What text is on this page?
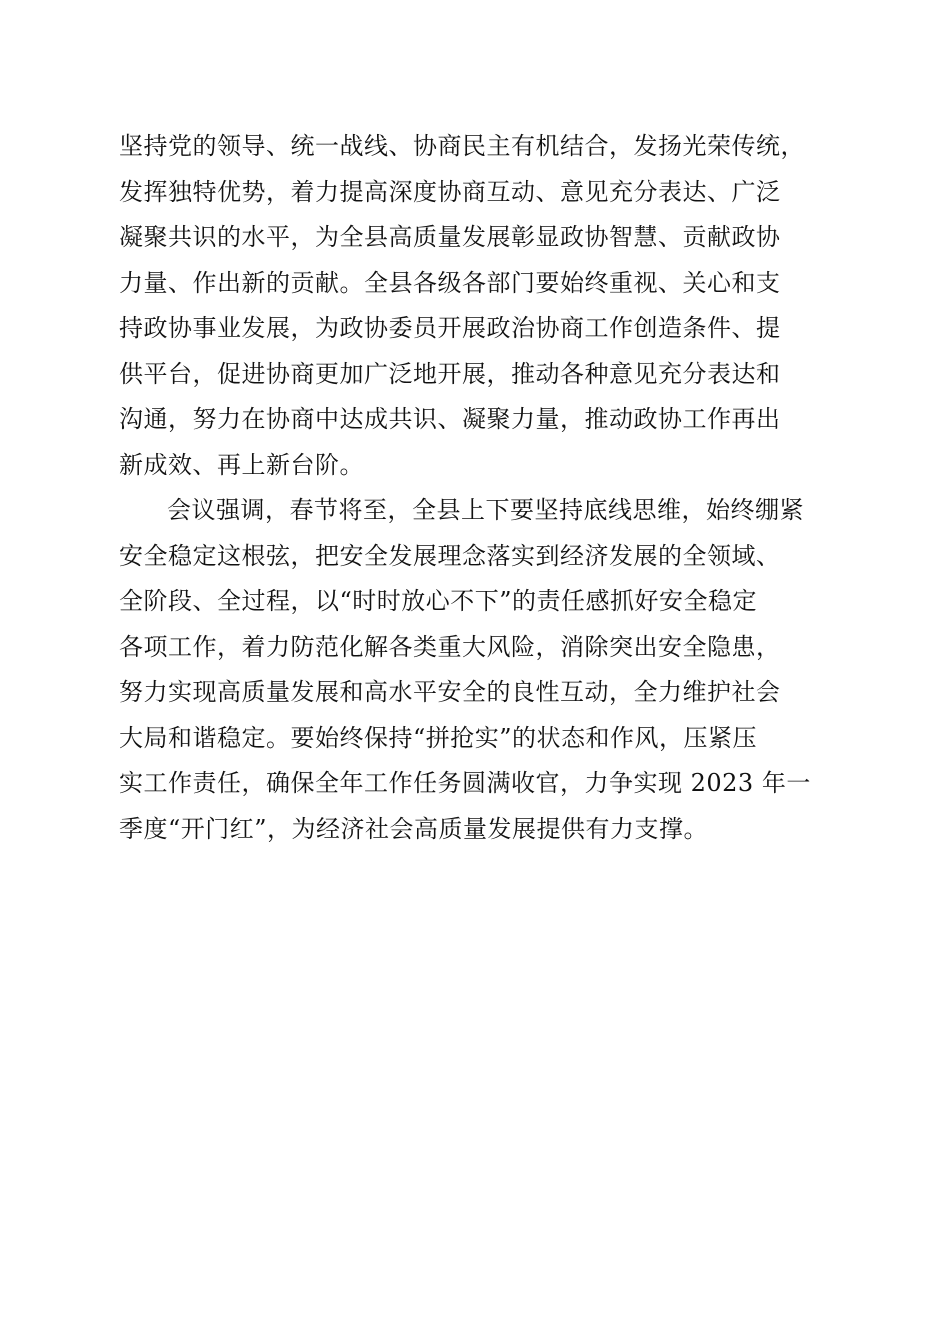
坚持党的领导、统一战线、协商民主有机结合，发扬光荣传统，
发挥独特优势，着力提高深度协商互动、意见充分表达、广泛
凝聚共识的水平，为全县高质量发展彰显政协智慧、贡献政协
力量、作出新的贡献。全县各级各部门要始终重视、关心和支
持政协事业发展，为政协委员开展政治协商工作创造条件、提
供平台，促进协商更加广泛地开展，推动各种意见充分表达和
沟通，努力在协商中达成共识、凝聚力量，推动政协工作再出
新成效、再上新台阶。
会议强调，春节将至，全县上下要坚持底线思维，始终绷紧
安全稳定这根弦，把安全发展理念落实到经济发展的全领域、
全阶段、全过程，以“时时放心不下”的责任感抓好安全稳定
各项工作，着力防范化解各类重大风险，消除突出安全隐患，
努力实现高质量发展和高水平安全的良性互动，全力维护社会
大局和谐稳定。要始终保持“拼抢实”的状态和作风，压紧压
实工作责任，确保全年工作任务圆满收官，力争实现 2023 年一
季度“开门红”，为经济社会高质量发展提供有力支撑。
